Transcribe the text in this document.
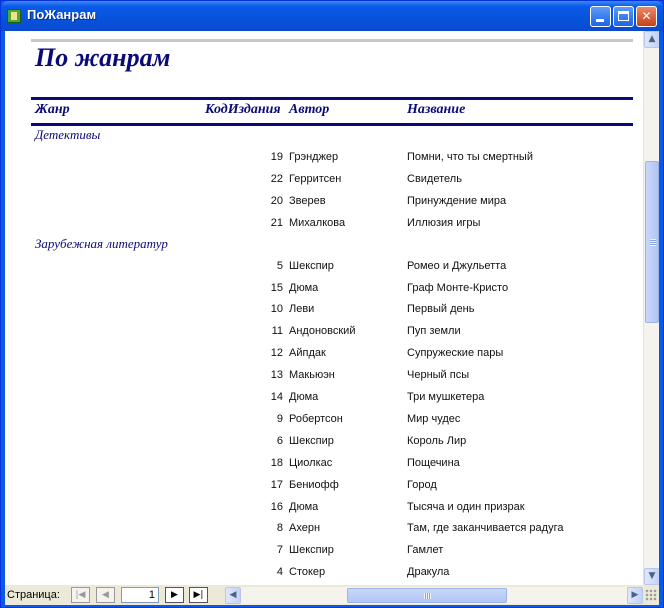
ПоЖанрам	✕
По жанрам
Жанр	КодИздания Автор	Название
Детективы
19 Грэнджер	Помни, что ты смертный
22 Герритсен	Свидетель
20 Зверев	Принуждение мира
21 Михалкова	Иллюзия игры
Зарубежная литератур
5 Шекспир	Ромео и Джульетта
15 Дюма	Граф Монте-Кристо
10 Леви	Первый день
11 Андоновский	Пуп земли
12 Айпдак	Супружеские пары
13 Макьюэн	Черный псы
14 Дюма	Три мушкетера
9 Робертсон	Мир чудес
6 Шекспир	Король Лир
18 Циолкас	Пощечина
17 Бениофф	Город
16 Дюма	Тысяча и один призрак
8 Ахерн	Там, где заканчивается радуга
7 Шекспир	Гамлет
4 Стокер	Дракула
▲
▼
Страница:	|◀	◀	1	▶	▶|	◀	▶
